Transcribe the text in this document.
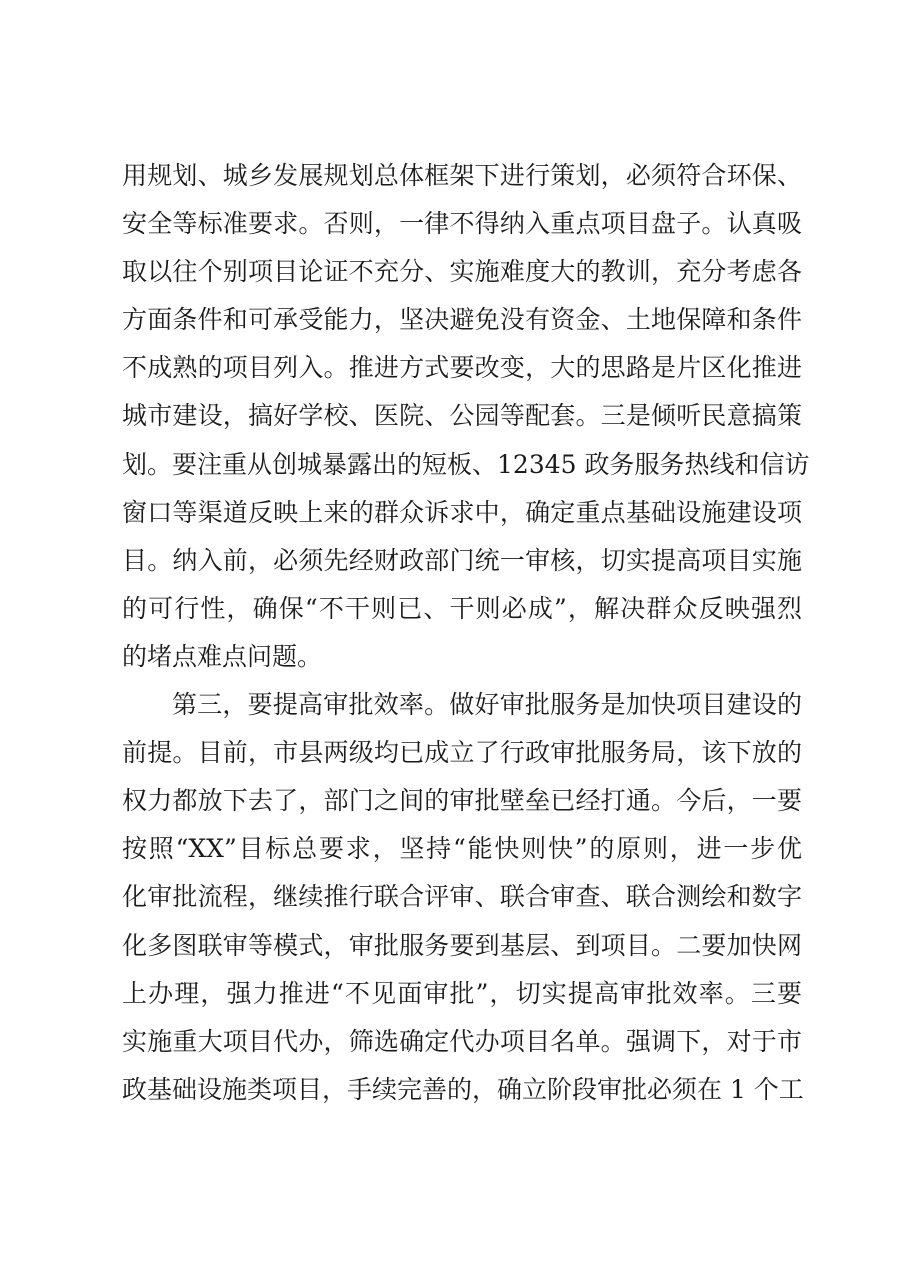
用规划、城乡发展规划总体框架下进行策划，必须符合环保、
安全等标准要求。否则，一律不得纳入重点项目盘子。认真吸
取以往个别项目论证不充分、实施难度大的教训，充分考虑各
方面条件和可承受能力，坚决避免没有资金、土地保障和条件
不成熟的项目列入。推进方式要改变，大的思路是片区化推进
城市建设，搞好学校、医院、公园等配套。三是倾听民意搞策
划。要注重从创城暴露出的短板、12345 政务服务热线和信访
窗口等渠道反映上来的群众诉求中，确定重点基础设施建设项
目。纳入前，必须先经财政部门统一审核，切实提高项目实施
的可行性，确保“不干则已、干则必成”，解决群众反映强烈
的堵点难点问题。
第三，要提高审批效率。做好审批服务是加快项目建设的
前提。目前，市县两级均已成立了行政审批服务局，该下放的
权力都放下去了，部门之间的审批壁垒已经打通。今后，一要
按照“XX”目标总要求，坚持“能快则快”的原则，进一步优
化审批流程，继续推行联合评审、联合审查、联合测绘和数字
化多图联审等模式，审批服务要到基层、到项目。二要加快网
上办理，强力推进“不见面审批”，切实提高审批效率。三要
实施重大项目代办，筛选确定代办项目名单。强调下，对于市
政基础设施类项目，手续完善的，确立阶段审批必须在 1 个工
